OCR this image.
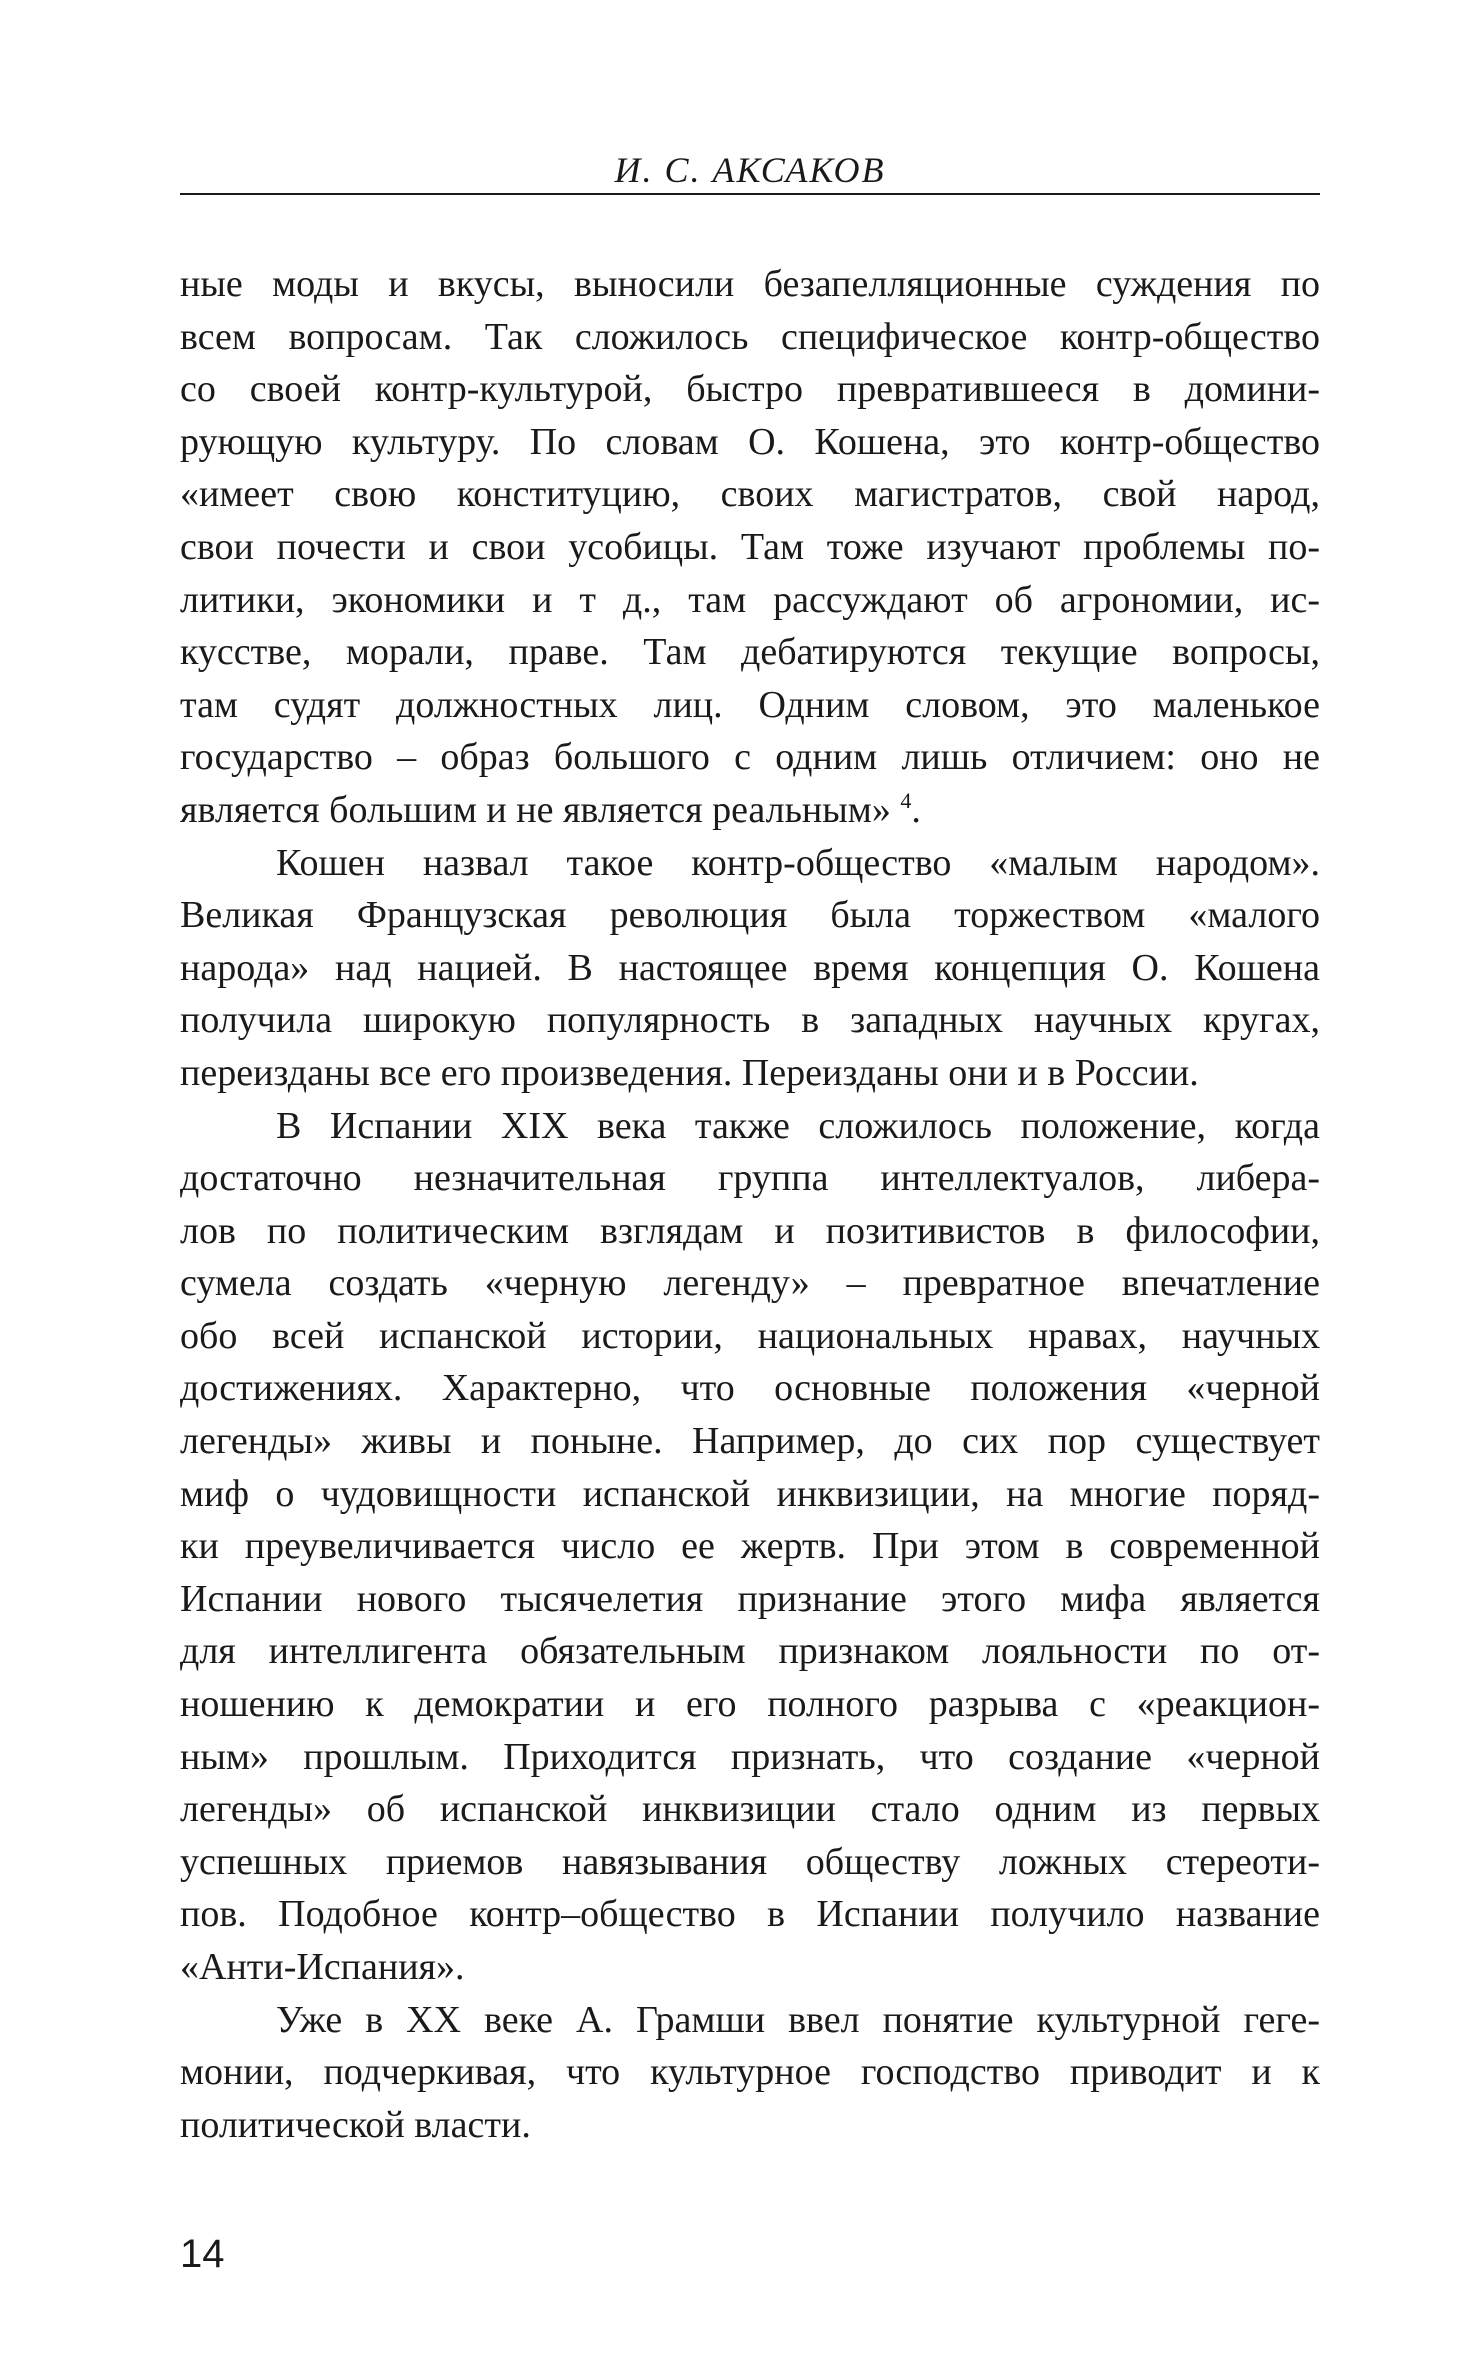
И. С. АКСАКОВ
ные моды и вкусы, выносили безапелляционные суждения по
всем вопросам. Так сложилось специфическое контр-общество
со своей контр-культурой, быстро превратившееся в домини-
рующую культуру. По словам О. Кошена, это контр-общество
«имеет свою конституцию, своих магистратов, свой народ,
свои почести и свои усобицы. Там тоже изучают проблемы по-
литики, экономики и т д., там рассуждают об агрономии, ис-
кусстве, морали, праве. Там дебатируются текущие вопросы,
там судят должностных лиц. Одним словом, это маленькое
государство – образ большого с одним лишь отличием: оно не
является большим и не является реальным» $^4$.
Кошен назвал такое контр-общество «малым народом».
Великая Французская революция была торжеством «малого
народа» над нацией. В настоящее время концепция О. Кошена
получила широкую популярность в западных научных кругах,
переизданы все его произведения. Переизданы они и в России.
В Испании XIX века также сложилось положение, когда
достаточно незначительная группа интеллектуалов, либера-
лов по политическим взглядам и позитивистов в философии,
сумела создать «черную легенду» – превратное впечатление
обо всей испанской истории, национальных нравах, научных
достижениях. Характерно, что основные положения «черной
легенды» живы и поныне. Например, до сих пор существует
миф о чудовищности испанской инквизиции, на многие поряд-
ки преувеличивается число ее жертв. При этом в современной
Испании нового тысячелетия признание этого мифа является
для интеллигента обязательным признаком лояльности по от-
ношению к демократии и его полного разрыва с «реакцион-
ным» прошлым. Приходится признать, что создание «черной
легенды» об испанской инквизиции стало одним из первых
успешных приемов навязывания обществу ложных стереоти-
пов. Подобное контр–общество в Испании получило название
«Анти-Испания».
Уже в XX веке А. Грамши ввел понятие культурной геге-
монии, подчеркивая, что культурное господство приводит и к
политической власти.
14
